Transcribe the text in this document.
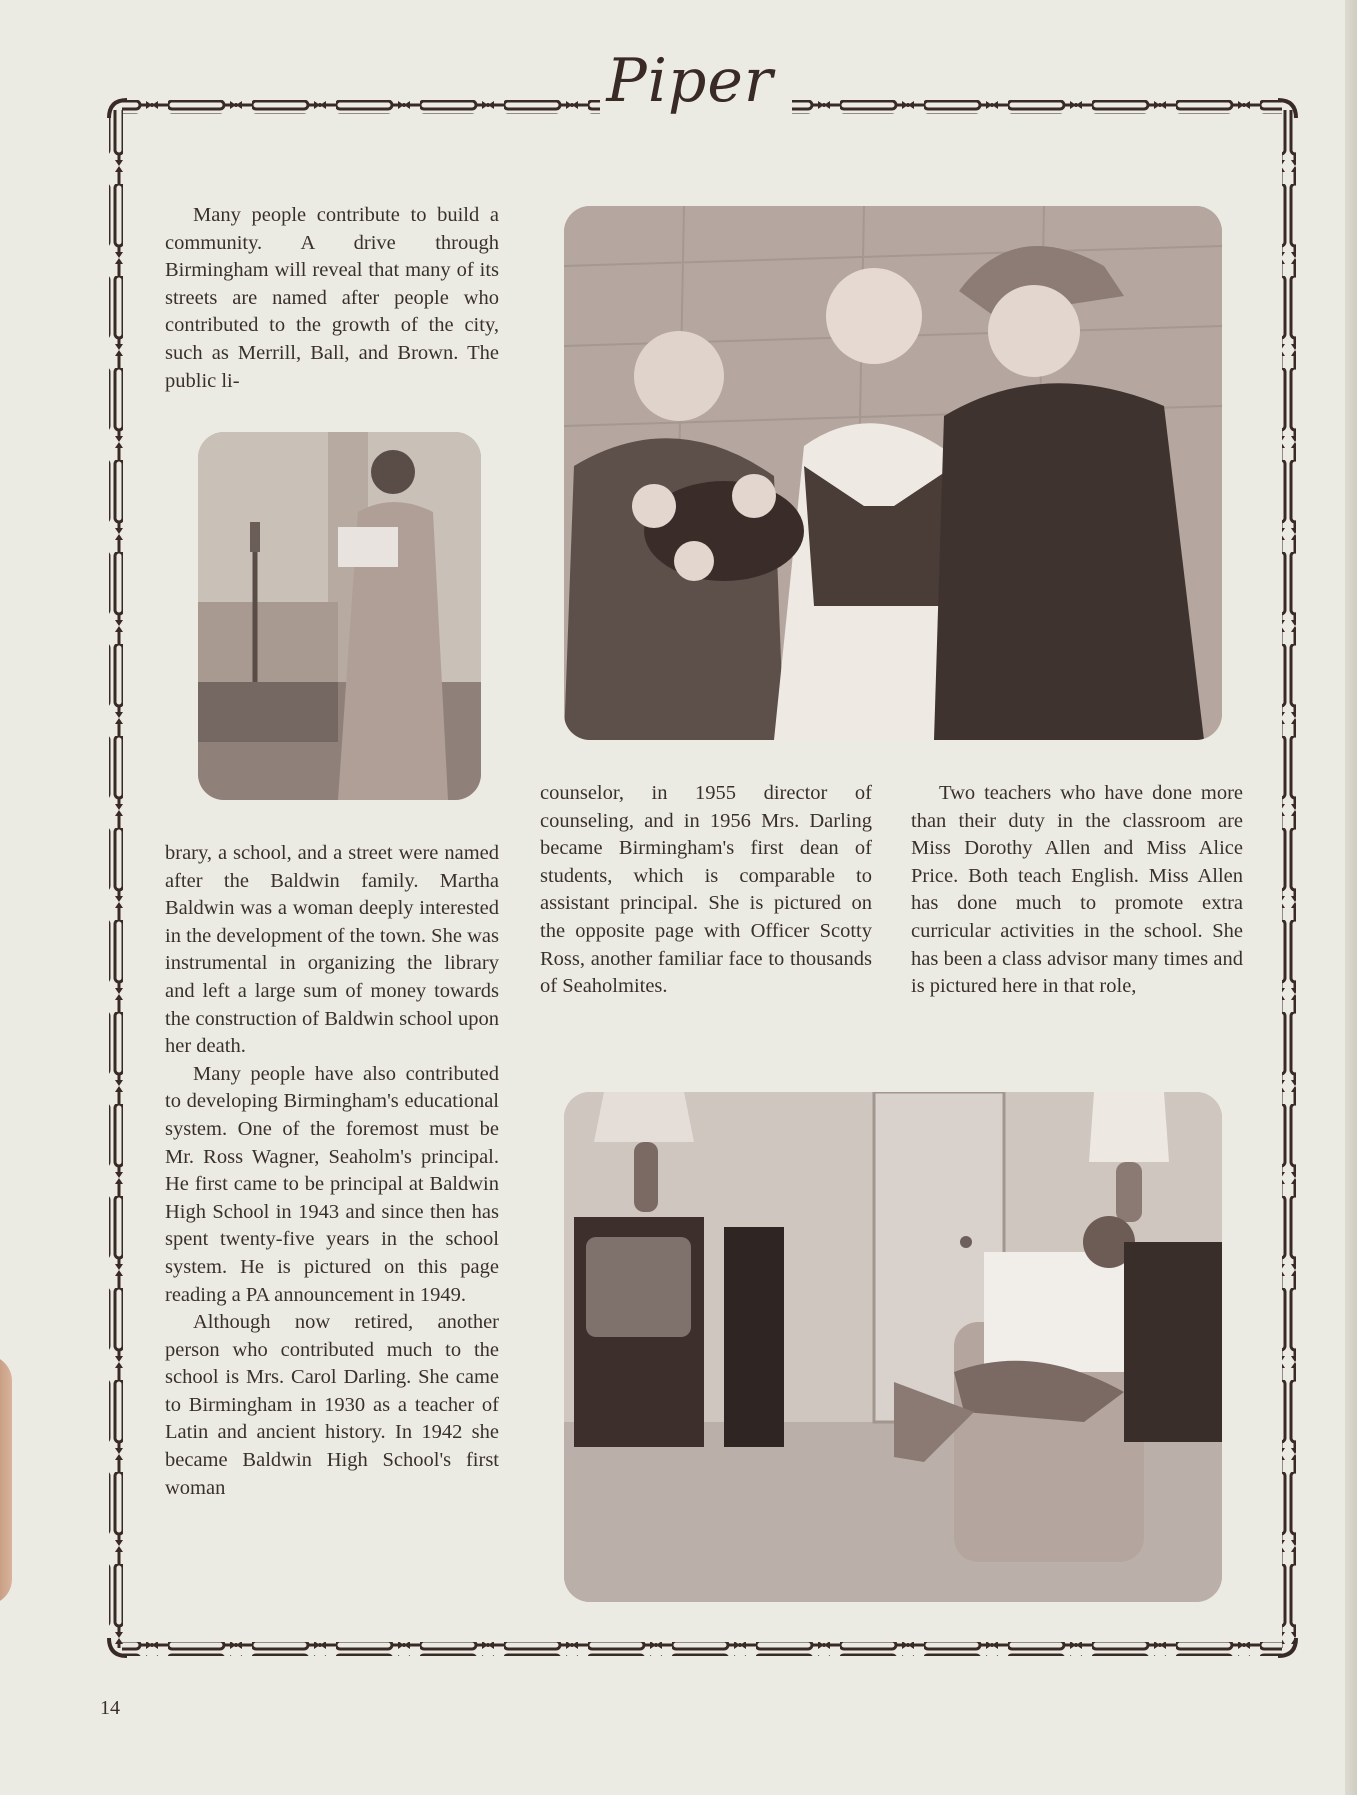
Piper

Many people contribute to build a community. A drive through Birmingham will reveal that many of its streets are named after people who contributed to the growth of the city, such as Merrill, Ball, and Brown. The public li-

brary, a school, and a street were named after the Baldwin family. Martha Baldwin was a woman deeply interested in the development of the town. She was instrumental in organizing the library and left a large sum of money towards the construction of Baldwin school upon her death.

Many people have also contributed to developing Birmingham's educational system. One of the foremost must be Mr. Ross Wagner, Seaholm's principal. He first came to be principal at Baldwin High School in 1943 and since then has spent twenty-five years in the school system. He is pictured on this page reading a PA announcement in 1949.

Although now retired, another person who contributed much to the school is Mrs. Carol Darling. She came to Birmingham in 1930 as a teacher of Latin and ancient history. In 1942 she became Baldwin High School's first woman

counselor, in 1955 director of counseling, and in 1956 Mrs. Darling became Birmingham's first dean of students, which is comparable to assistant principal. She is pictured on the opposite page with Officer Scotty Ross, another familiar face to thousands of Seaholmites.

Two teachers who have done more than their duty in the classroom are Miss Dorothy Allen and Miss Alice Price. Both teach English. Miss Allen has done much to promote extra curricular activities in the school. She has been a class advisor many times and is pictured here in that role,

14
